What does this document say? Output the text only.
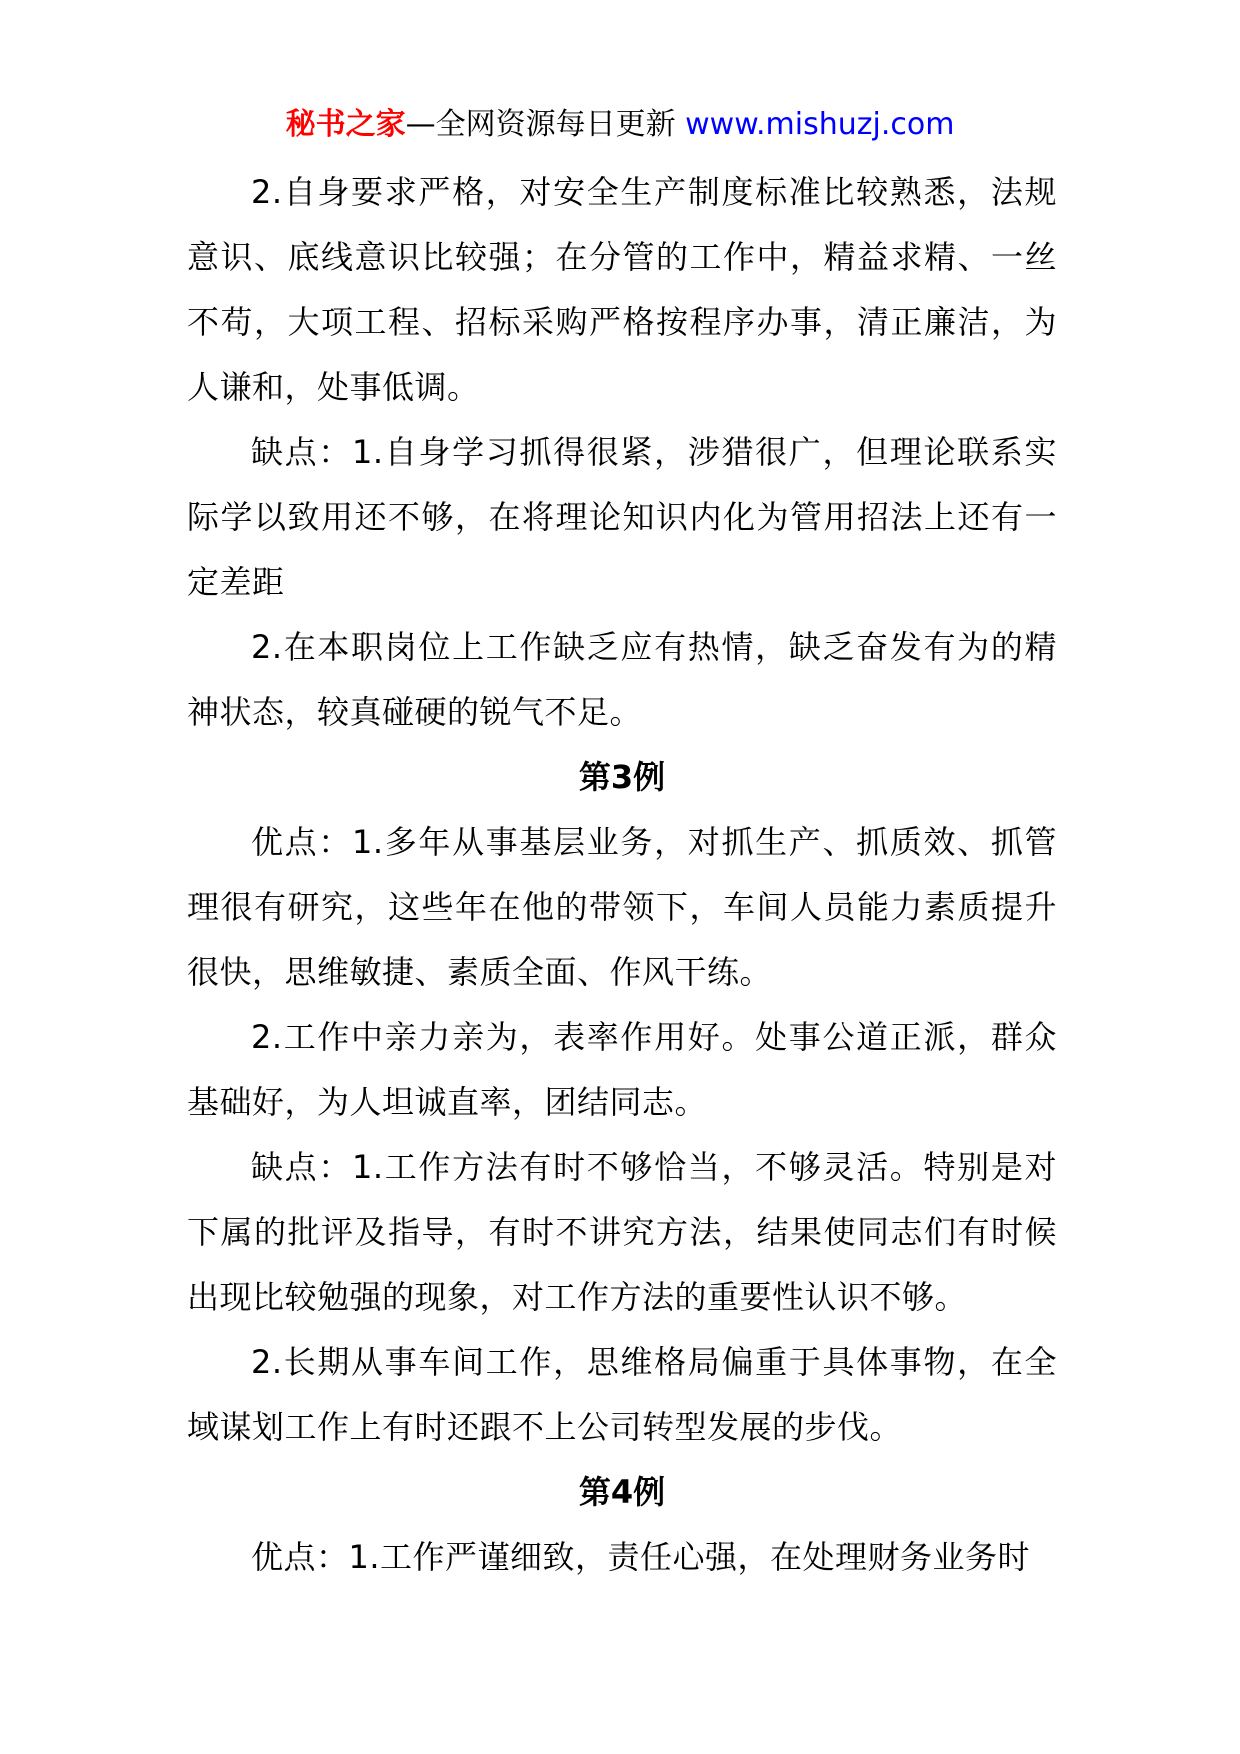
秘书之家—全网资源每日更新 www.mishuzj.com

2.自身要求严格，对安全生产制度标准比较熟悉，法规意识、底线意识比较强；在分管的工作中，精益求精、一丝不苟，大项工程、招标采购严格按程序办事，清正廉洁，为人谦和，处事低调。

缺点：1.自身学习抓得很紧，涉猎很广，但理论联系实际学以致用还不够，在将理论知识内化为管用招法上还有一定差距

2.在本职岗位上工作缺乏应有热情，缺乏奋发有为的精神状态，较真碰硬的锐气不足。

第3例

优点：1.多年从事基层业务，对抓生产、抓质效、抓管理很有研究，这些年在他的带领下，车间人员能力素质提升很快，思维敏捷、素质全面、作风干练。

2.工作中亲力亲为，表率作用好。处事公道正派，群众基础好，为人坦诚直率，团结同志。

缺点：1.工作方法有时不够恰当，不够灵活。特别是对下属的批评及指导，有时不讲究方法，结果使同志们有时候出现比较勉强的现象，对工作方法的重要性认识不够。

2.长期从事车间工作，思维格局偏重于具体事物，在全域谋划工作上有时还跟不上公司转型发展的步伐。

第4例

优点：1.工作严谨细致，责任心强，在处理财务业务时
